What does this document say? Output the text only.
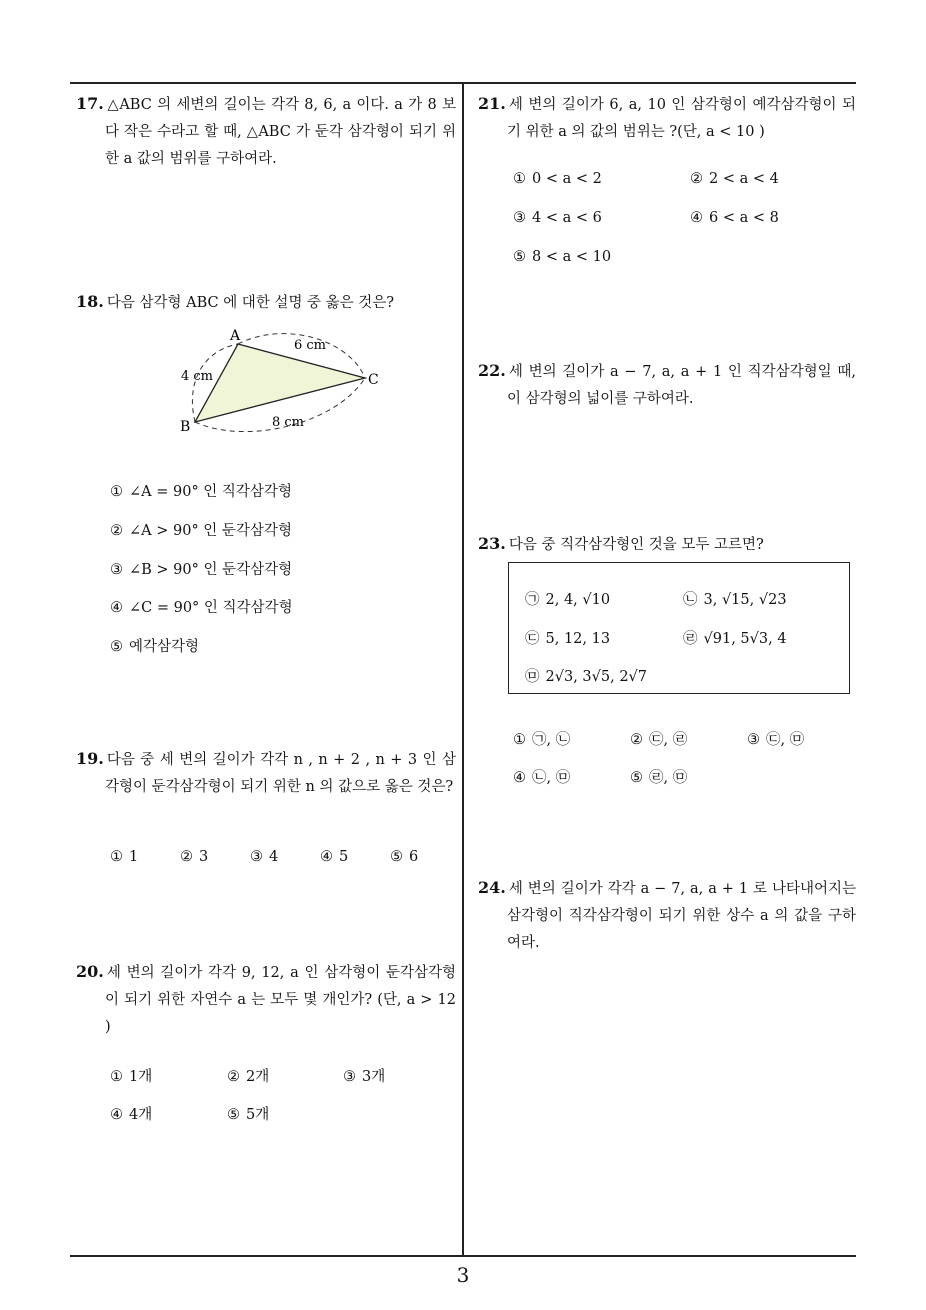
3
17. △ABC 의 세변의 길이는 각각 8, 6, a 이다. a 가 8 보다 작은 수라고 할 때, △ABC 가 둔각 삼각형이 되기 위한 a 값의 범위를 구하여라.
18. 다음 삼각형 ABC 에 대한 설명 중 옳은 것은?
A
B
C
4 cm
6 cm
8 cm
① ∠A = 90° 인 직각삼각형
② ∠A > 90° 인 둔각삼각형
③ ∠B > 90° 인 둔각삼각형
④ ∠C = 90° 인 직각삼각형
⑤ 예각삼각형
19. 다음 중 세 변의 길이가 각각 n , n + 2 , n + 3 인 삼각형이 둔각삼각형이 되기 위한 n 의 값으로 옳은 것은?
① 1	② 3	③ 4	④ 5	⑤ 6
20. 세 변의 길이가 각각 9, 12, a 인 삼각형이 둔각삼각형이 되기 위한 자연수 a 는 모두 몇 개인가? (단, a > 12 )
① 1개	② 2개	③ 3개
④ 4개	⑤ 5개
21. 세 변의 길이가 6, a, 10 인 삼각형이 예각삼각형이 되기 위한 a 의 값의 범위는 ?(단, a < 10 )
① 0 < a < 2	② 2 < a < 4
③ 4 < a < 6	④ 6 < a < 8
⑤ 8 < a < 10
22. 세 변의 길이가 a − 7, a, a + 1 인 직각삼각형일 때, 이 삼각형의 넓이를 구하여라.
23. 다음 중 직각삼각형인 것을 모두 고르면?
㉠ 2, 4, √10	㉡ 3, √15, √23
㉢ 5, 12, 13	㉣ √91, 5√3, 4
㉤ 2√3, 3√5, 2√7
① ㉠, ㉡	② ㉢, ㉣	③ ㉢, ㉤
④ ㉡, ㉤	⑤ ㉣, ㉤
24. 세 변의 길이가 각각 a − 7, a, a + 1 로 나타내어지는 삼각형이 직각삼각형이 되기 위한 상수 a 의 값을 구하여라.
